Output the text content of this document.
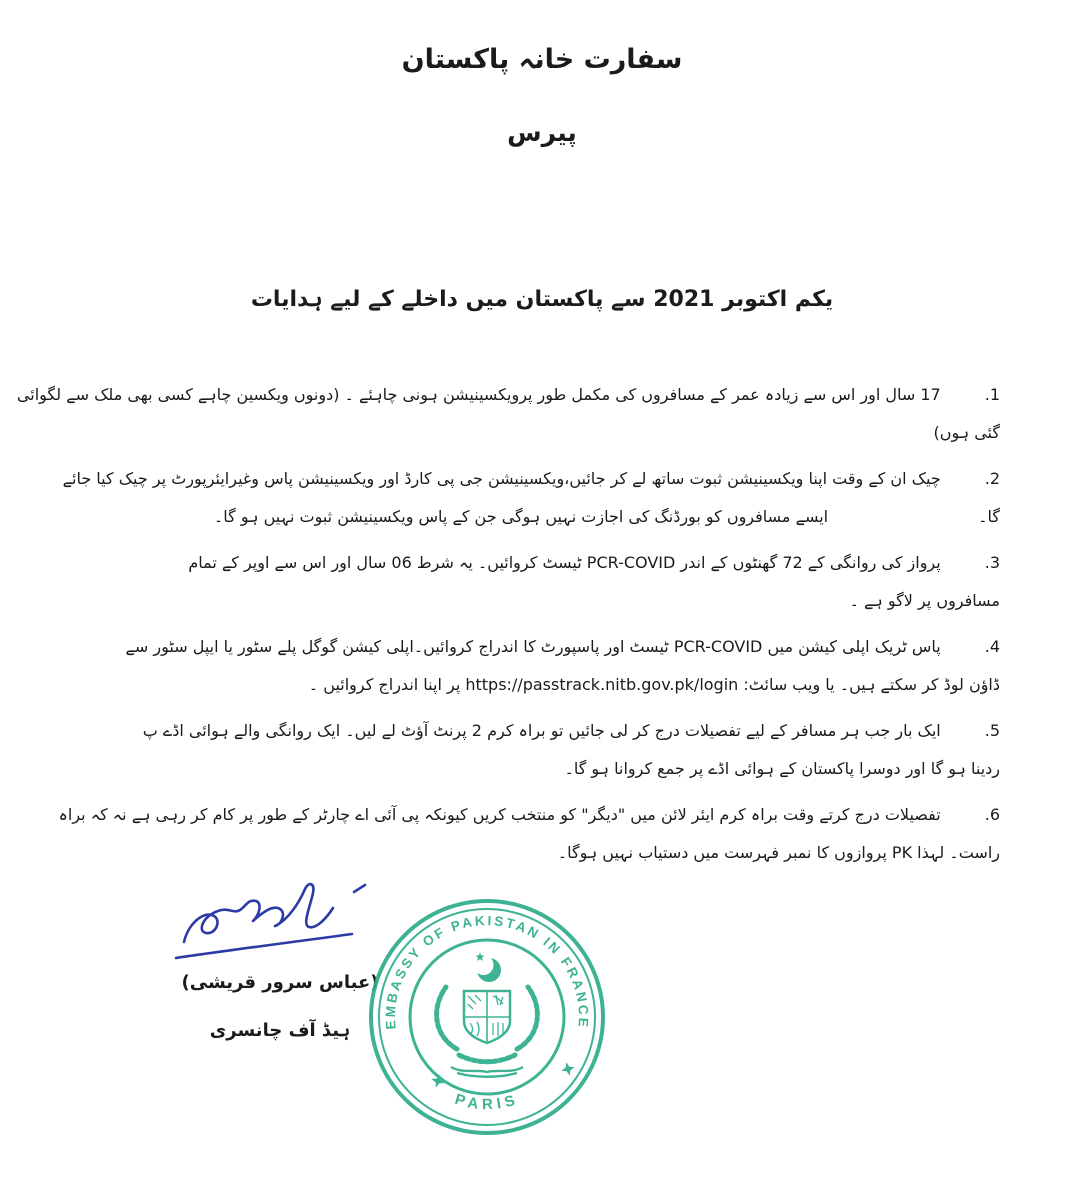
سفارت خانہ پاکستان
پیرس
یکم اکتوبر 2021 سے پاکستان میں داخلے کے لیے ہدایات
1.17 سال اور اس سے زیادہ عمر کے مسافروں کی مکمل طور پرویکسینیشن ہونی چاہئے ۔ (دونوں ویکسین چاہے کسی بھی ملک سے لگوائی
گئی ہوں)
2.چیک ان کے وقت اپنا ویکسینیشن ثبوت ساتھ لے کر جائیں،ویکسینیشن جی پی کارڈ اور ویکسینیشن پاس وغیرایئرپورٹ پر چیک کیا جائے
گا۔ایسے مسافروں کو بورڈنگ کی اجازت نہیں ہوگی جن کے پاس ویکسینیشن ثبوت نہیں ہو گا۔
3.پرواز کی روانگی کے 72 گھنٹوں کے اندر PCR-COVID ٹیسٹ کروائیں۔ یہ شرط 06 سال اور اس سے اوپر کے تمام
مسافروں پر لاگو ہے ۔
4.پاس ٹریک اپلی کیشن میں PCR-COVID ٹیسٹ اور پاسپورٹ کا اندراج کروائیں۔اپلی کیشن گوگل پلے سٹور یا ایپل سٹور سے
ڈاؤن لوڈ کر سکتے ہیں۔ یا ویب سائٹ: https://passtrack.nitb.gov.pk/login پر اپنا اندراج کروائیں ۔
5.ایک بار جب ہر مسافر کے لیے تفصیلات درج کر لی جائیں تو براہ کرم 2 پرنٹ آؤٹ لے لیں۔ ایک روانگی والے ہوائی اڈے پ
ردینا ہو گا اور دوسرا پاکستان کے ہوائی اڈے پر جمع کروانا ہو گا۔
6.تفصیلات درج کرتے وقت براہ کرم ایئر لائن میں "دیگر" کو منتخب کریں کیونکہ پی آئی اے چارٹر کے طور پر کام کر رہی ہے نہ کہ براہ
راست۔ لہذا PK پروازوں کا نمبر فہرست میں دستیاب نہیں ہوگا۔
(عباس سرور قریشی)
ہیڈ آف چانسری	EMBASSY OF PAKISTAN IN FRANCE
PARIS
